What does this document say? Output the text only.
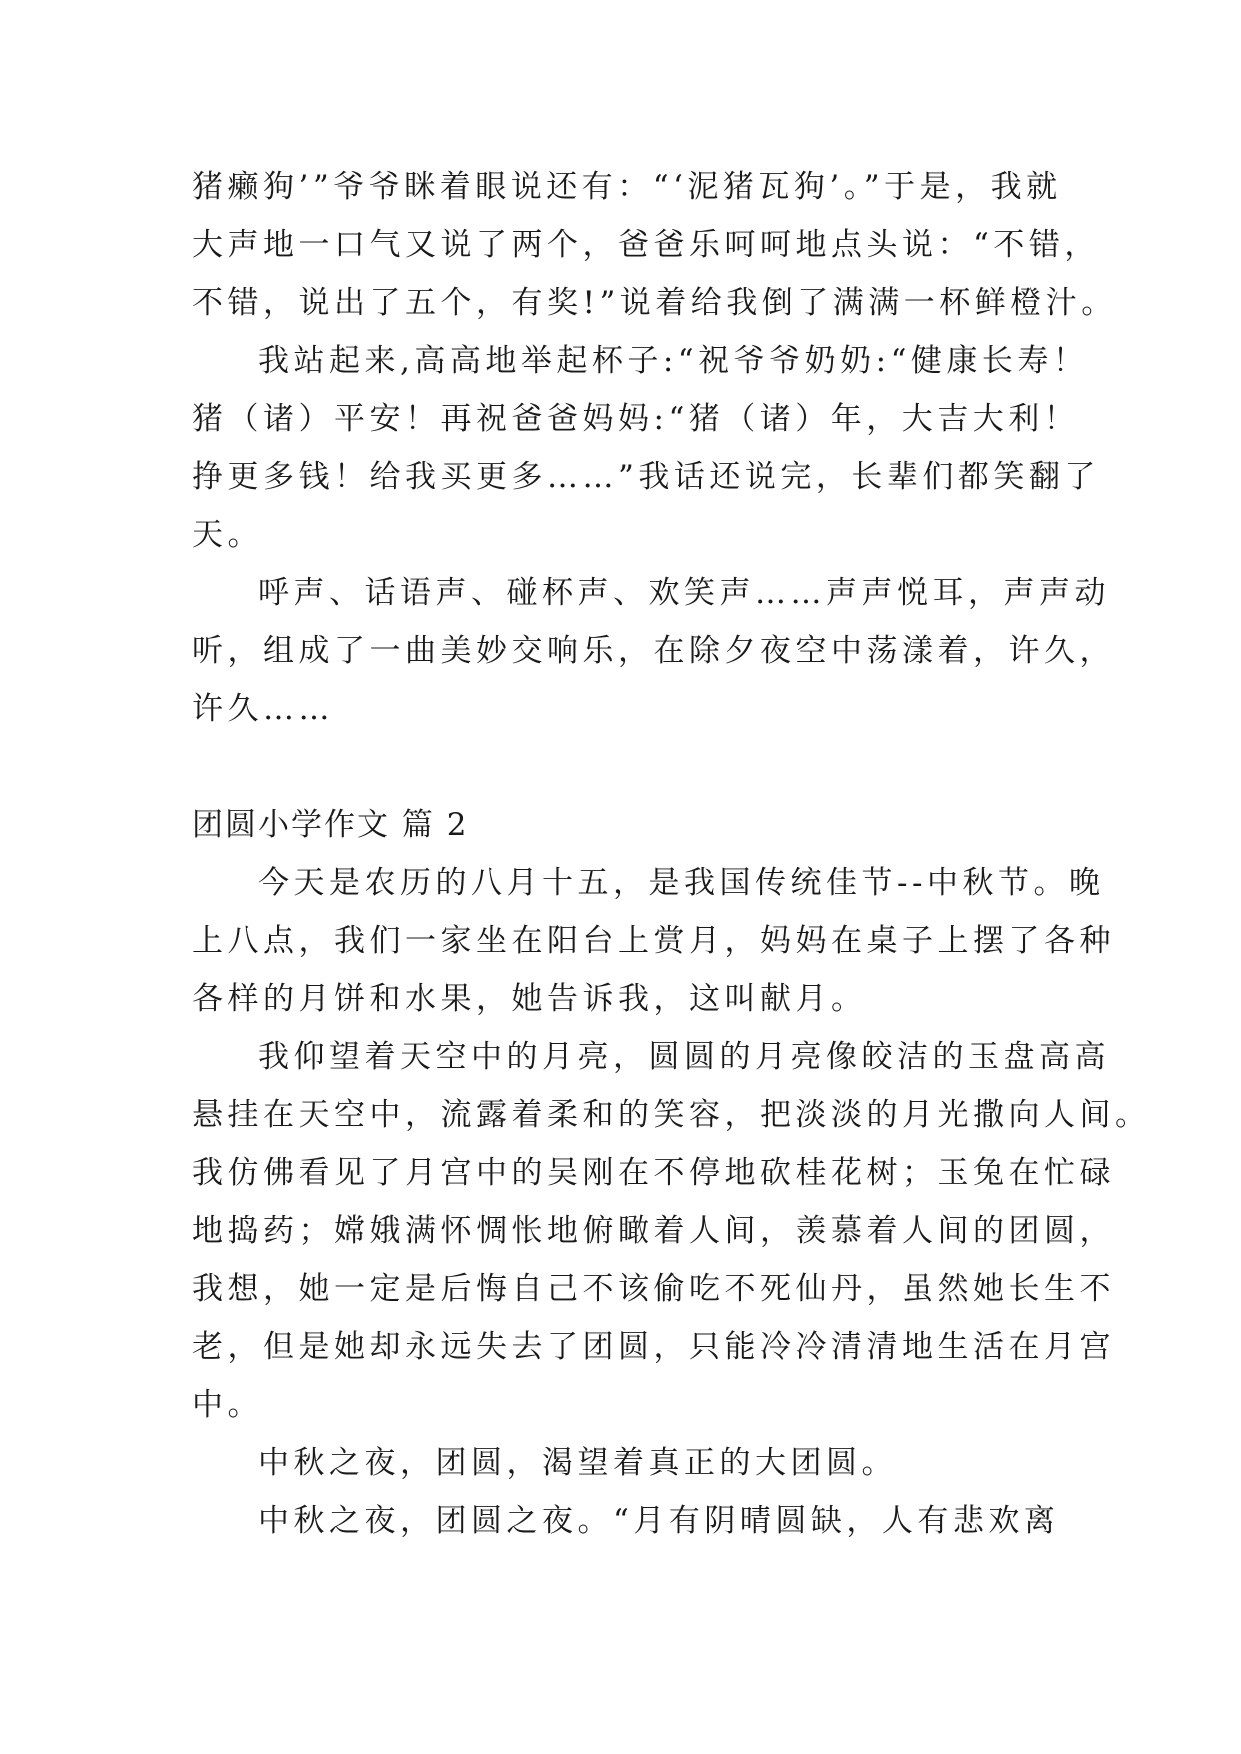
猪癞狗’”爷爷眯着眼说还有：“‘泥猪瓦狗’。”于是，我就
大声地一口气又说了两个，爸爸乐呵呵地点头说：“不错，
不错，说出了五个，有奖!”说着给我倒了满满一杯鲜橙汁。
我站起来,高高地举起杯子:“祝爷爷奶奶:“健康长寿！
猪（诸）平安！再祝爸爸妈妈:“猪（诸）年，大吉大利！
挣更多钱！给我买更多……”我话还说完，长辈们都笑翻了
天。
呼声、话语声、碰杯声、欢笑声……声声悦耳，声声动
听，组成了一曲美妙交响乐，在除夕夜空中荡漾着，许久，
许久……
团圆小学作文 篇 2
今天是农历的八月十五，是我国传统佳节--中秋节。晚
上八点，我们一家坐在阳台上赏月，妈妈在桌子上摆了各种
各样的月饼和水果，她告诉我，这叫献月。
我仰望着天空中的月亮，圆圆的月亮像皎洁的玉盘高高
悬挂在天空中，流露着柔和的笑容，把淡淡的月光撒向人间。
我仿佛看见了月宫中的吴刚在不停地砍桂花树；玉兔在忙碌
地捣药；嫦娥满怀惆怅地俯瞰着人间，羡慕着人间的团圆，
我想，她一定是后悔自己不该偷吃不死仙丹，虽然她长生不
老，但是她却永远失去了团圆，只能冷冷清清地生活在月宫
中。
中秋之夜，团圆，渴望着真正的大团圆。
中秋之夜，团圆之夜。“月有阴晴圆缺，人有悲欢离
